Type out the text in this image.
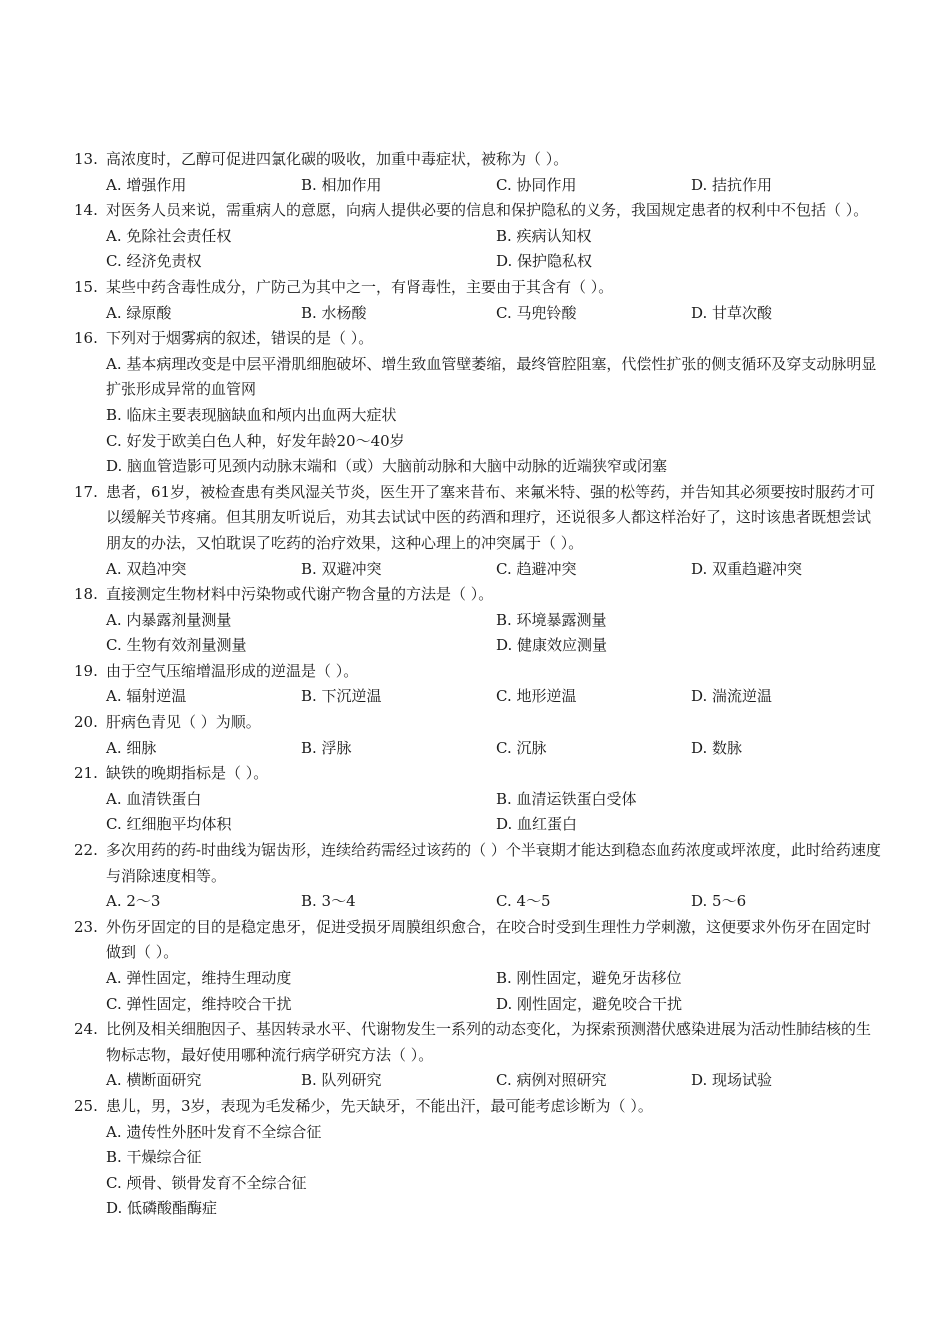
13. 高浓度时，乙醇可促进四氯化碳的吸收，加重中毒症状，被称为（ ）。
A. 增强作用	B. 相加作用	C. 协同作用	D. 拮抗作用
14. 对医务人员来说，需重病人的意愿，向病人提供必要的信息和保护隐私的义务，我国规定患者的权利中不包括（ ）。
A. 免除社会责任权	B. 疾病认知权
C. 经济免责权	D. 保护隐私权
15. 某些中药含毒性成分，广防己为其中之一，有肾毒性，主要由于其含有（ ）。
A. 绿原酸	B. 水杨酸	C. 马兜铃酸	D. 甘草次酸
16. 下列对于烟雾病的叙述，错误的是（ ）。
A. 基本病理改变是中层平滑肌细胞破坏、增生致血管壁萎缩，最终管腔阻塞，代偿性扩张的侧支循环及穿支动脉明显扩张形成异常的血管网
B. 临床主要表现脑缺血和颅内出血两大症状
C. 好发于欧美白色人种，好发年龄20～40岁
D. 脑血管造影可见颈内动脉末端和（或）大脑前动脉和大脑中动脉的近端狭窄或闭塞
17. 患者，61岁，被检查患有类风湿关节炎，医生开了塞来昔布、来氟米特、强的松等药，并告知其必须要按时服药才可以缓解关节疼痛。但其朋友听说后，劝其去试试中医的药酒和理疗，还说很多人都这样治好了，这时该患者既想尝试朋友的办法，又怕耽误了吃药的治疗效果，这种心理上的冲突属于（ ）。
A. 双趋冲突	B. 双避冲突	C. 趋避冲突	D. 双重趋避冲突
18. 直接测定生物材料中污染物或代谢产物含量的方法是（ ）。
A. 内暴露剂量测量	B. 环境暴露测量
C. 生物有效剂量测量	D. 健康效应测量
19. 由于空气压缩增温形成的逆温是（ ）。
A. 辐射逆温	B. 下沉逆温	C. 地形逆温	D. 湍流逆温
20. 肝病色青见（ ）为顺。
A. 细脉	B. 浮脉	C. 沉脉	D. 数脉
21. 缺铁的晚期指标是（ ）。
A. 血清铁蛋白	B. 血清运铁蛋白受体
C. 红细胞平均体积	D. 血红蛋白
22. 多次用药的药-时曲线为锯齿形，连续给药需经过该药的（ ）个半衰期才能达到稳态血药浓度或坪浓度，此时给药速度与消除速度相等。
A. 2～3	B. 3～4	C. 4～5	D. 5～6
23. 外伤牙固定的目的是稳定患牙，促进受损牙周膜组织愈合，在咬合时受到生理性力学刺激，这便要求外伤牙在固定时做到（ ）。
A. 弹性固定，维持生理动度	B. 刚性固定，避免牙齿移位
C. 弹性固定，维持咬合干扰	D. 刚性固定，避免咬合干扰
24. 比例及相关细胞因子、基因转录水平、代谢物发生一系列的动态变化，为探索预测潜伏感染进展为活动性肺结核的生物标志物，最好使用哪种流行病学研究方法（ ）。
A. 横断面研究	B. 队列研究	C. 病例对照研究	D. 现场试验
25. 患儿，男，3岁，表现为毛发稀少，先天缺牙，不能出汗，最可能考虑诊断为（ ）。
A. 遗传性外胚叶发育不全综合征
B. 干燥综合征
C. 颅骨、锁骨发育不全综合征
D. 低磷酸酯酶症
